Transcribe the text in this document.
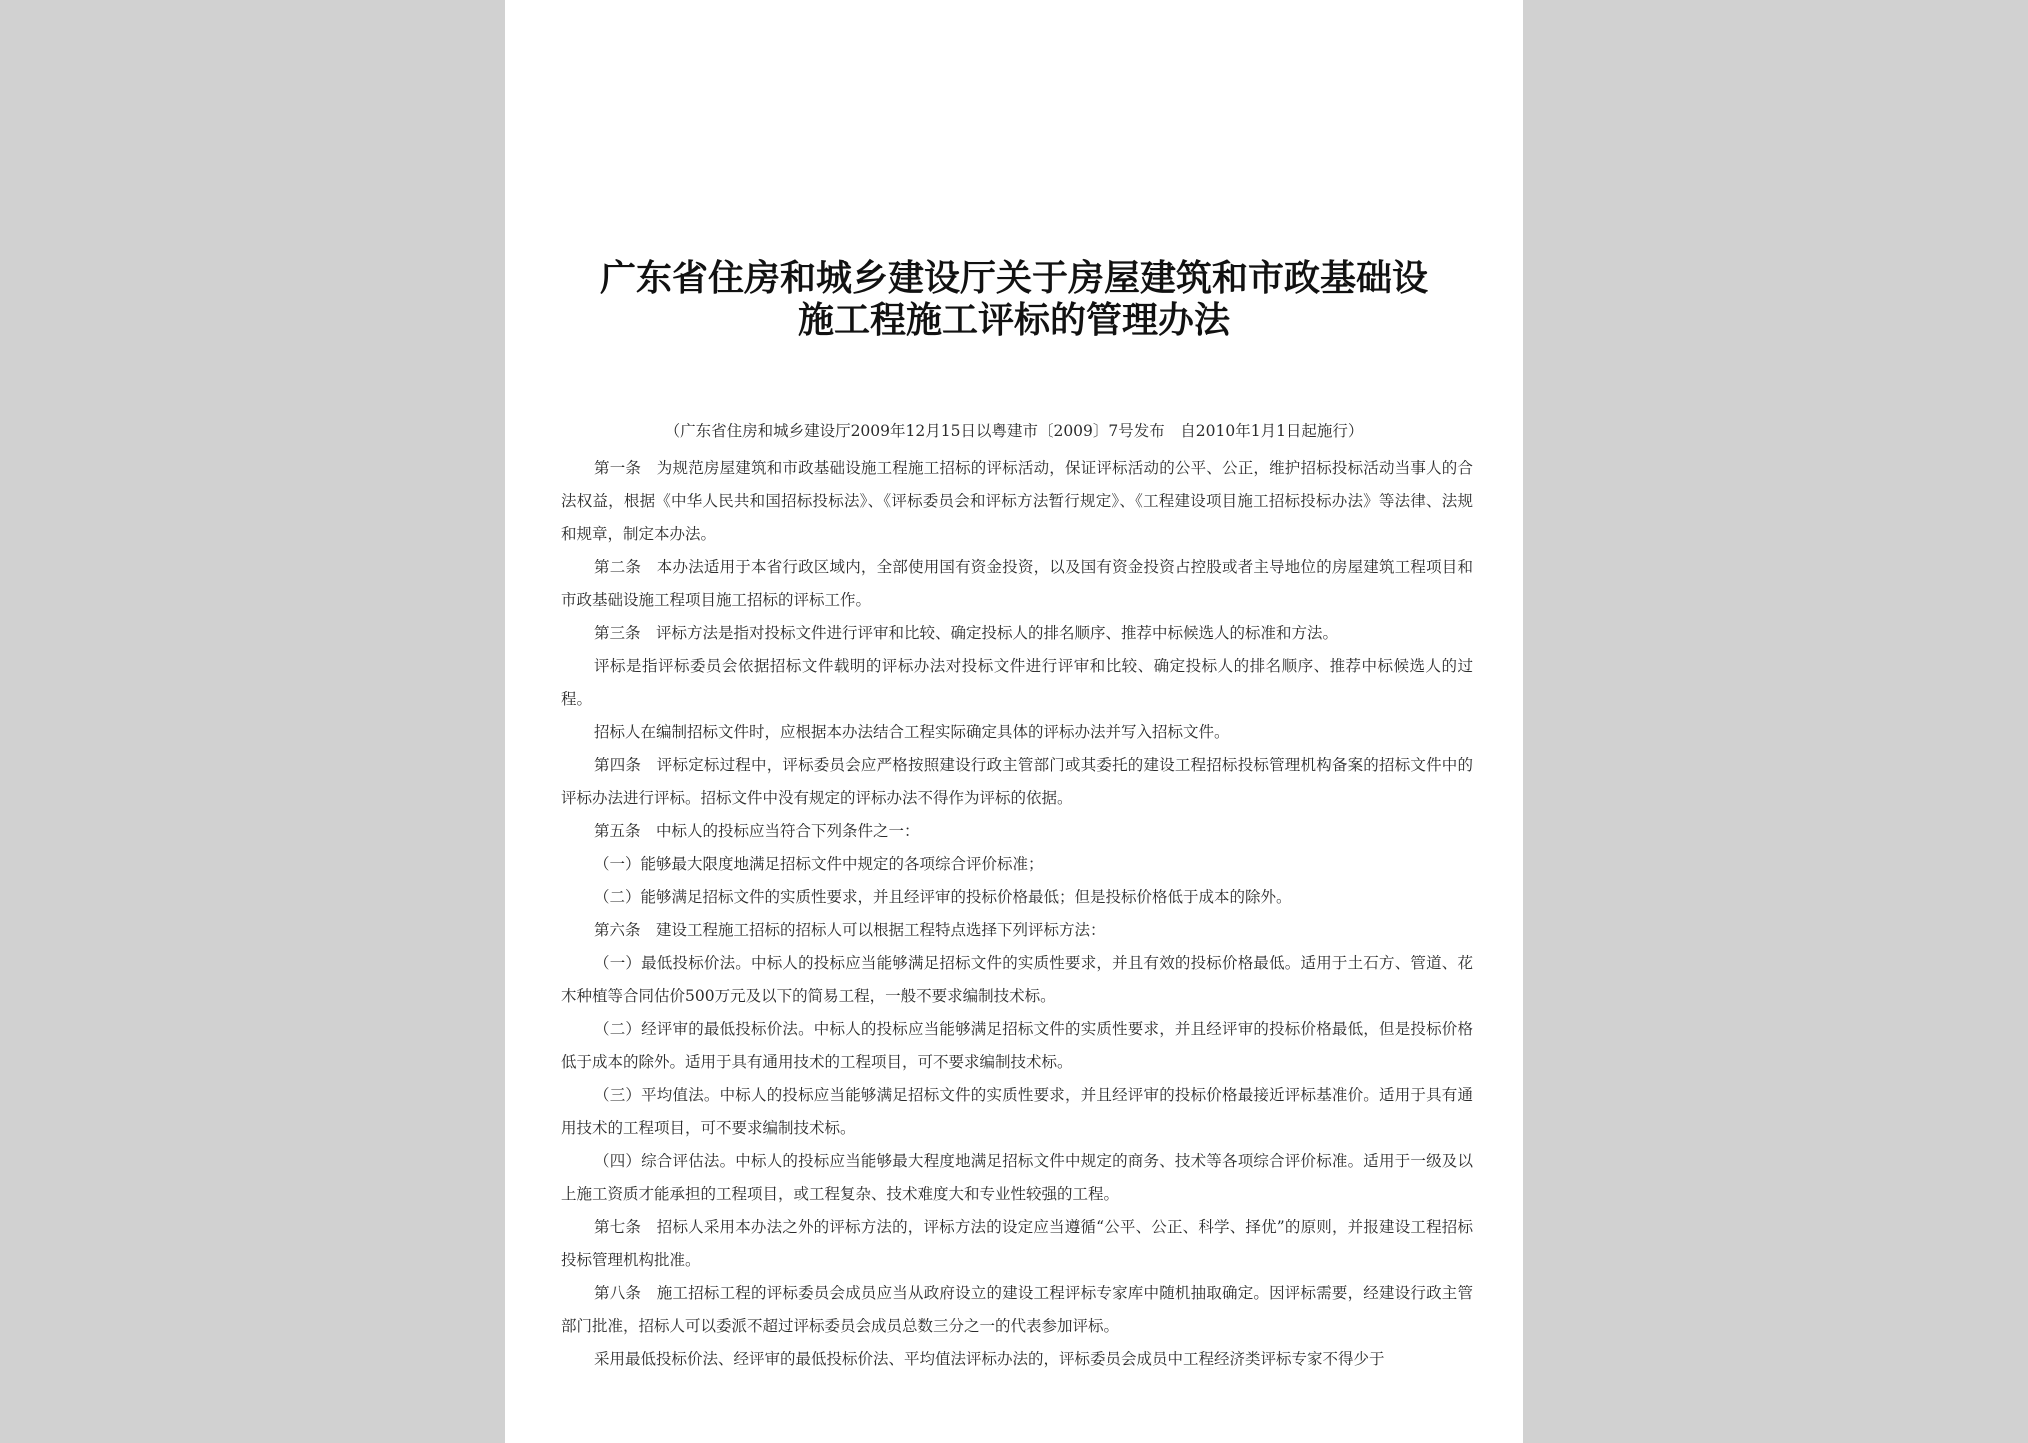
广东省住房和城乡建设厅关于房屋建筑和市政基础设
施工程施工评标的管理办法
（广东省住房和城乡建设厅2009年12月15日以粤建市〔2009〕7号发布　自2010年1月1日起施行）

第一条　为规范房屋建筑和市政基础设施工程施工招标的评标活动，保证评标活动的公平、公正，维护招标投标活动当事人的合法权益，根据《中华人民共和国招标投标法》、《评标委员会和评标方法暂行规定》、《工程建设项目施工招标投标办法》等法律、法规和规章，制定本办法。

第二条　本办法适用于本省行政区域内，全部使用国有资金投资，以及国有资金投资占控股或者主导地位的房屋建筑工程项目和市政基础设施工程项目施工招标的评标工作。

第三条　评标方法是指对投标文件进行评审和比较、确定投标人的排名顺序、推荐中标候选人的标准和方法。

评标是指评标委员会依据招标文件载明的评标办法对投标文件进行评审和比较、确定投标人的排名顺序、推荐中标候选人的过程。

招标人在编制招标文件时，应根据本办法结合工程实际确定具体的评标办法并写入招标文件。

第四条　评标定标过程中，评标委员会应严格按照建设行政主管部门或其委托的建设工程招标投标管理机构备案的招标文件中的评标办法进行评标。招标文件中没有规定的评标办法不得作为评标的依据。

第五条　中标人的投标应当符合下列条件之一：

（一）能够最大限度地满足招标文件中规定的各项综合评价标准；

（二）能够满足招标文件的实质性要求，并且经评审的投标价格最低；但是投标价格低于成本的除外。

第六条　建设工程施工招标的招标人可以根据工程特点选择下列评标方法：

（一）最低投标价法。中标人的投标应当能够满足招标文件的实质性要求，并且有效的投标价格最低。适用于土石方、管道、花木种植等合同估价500万元及以下的简易工程，一般不要求编制技术标。

（二）经评审的最低投标价法。中标人的投标应当能够满足招标文件的实质性要求，并且经评审的投标价格最低，但是投标价格低于成本的除外。适用于具有通用技术的工程项目，可不要求编制技术标。

（三）平均值法。中标人的投标应当能够满足招标文件的实质性要求，并且经评审的投标价格最接近评标基准价。适用于具有通用技术的工程项目，可不要求编制技术标。

（四）综合评估法。中标人的投标应当能够最大程度地满足招标文件中规定的商务、技术等各项综合评价标准。适用于一级及以上施工资质才能承担的工程项目，或工程复杂、技术难度大和专业性较强的工程。

第七条　招标人采用本办法之外的评标方法的，评标方法的设定应当遵循“公平、公正、科学、择优”的原则，并报建设工程招标投标管理机构批准。

第八条　施工招标工程的评标委员会成员应当从政府设立的建设工程评标专家库中随机抽取确定。因评标需要，经建设行政主管部门批准，招标人可以委派不超过评标委员会成员总数三分之一的代表参加评标。

采用最低投标价法、经评审的最低投标价法、平均值法评标办法的，评标委员会成员中工程经济类评标专家不得少于
